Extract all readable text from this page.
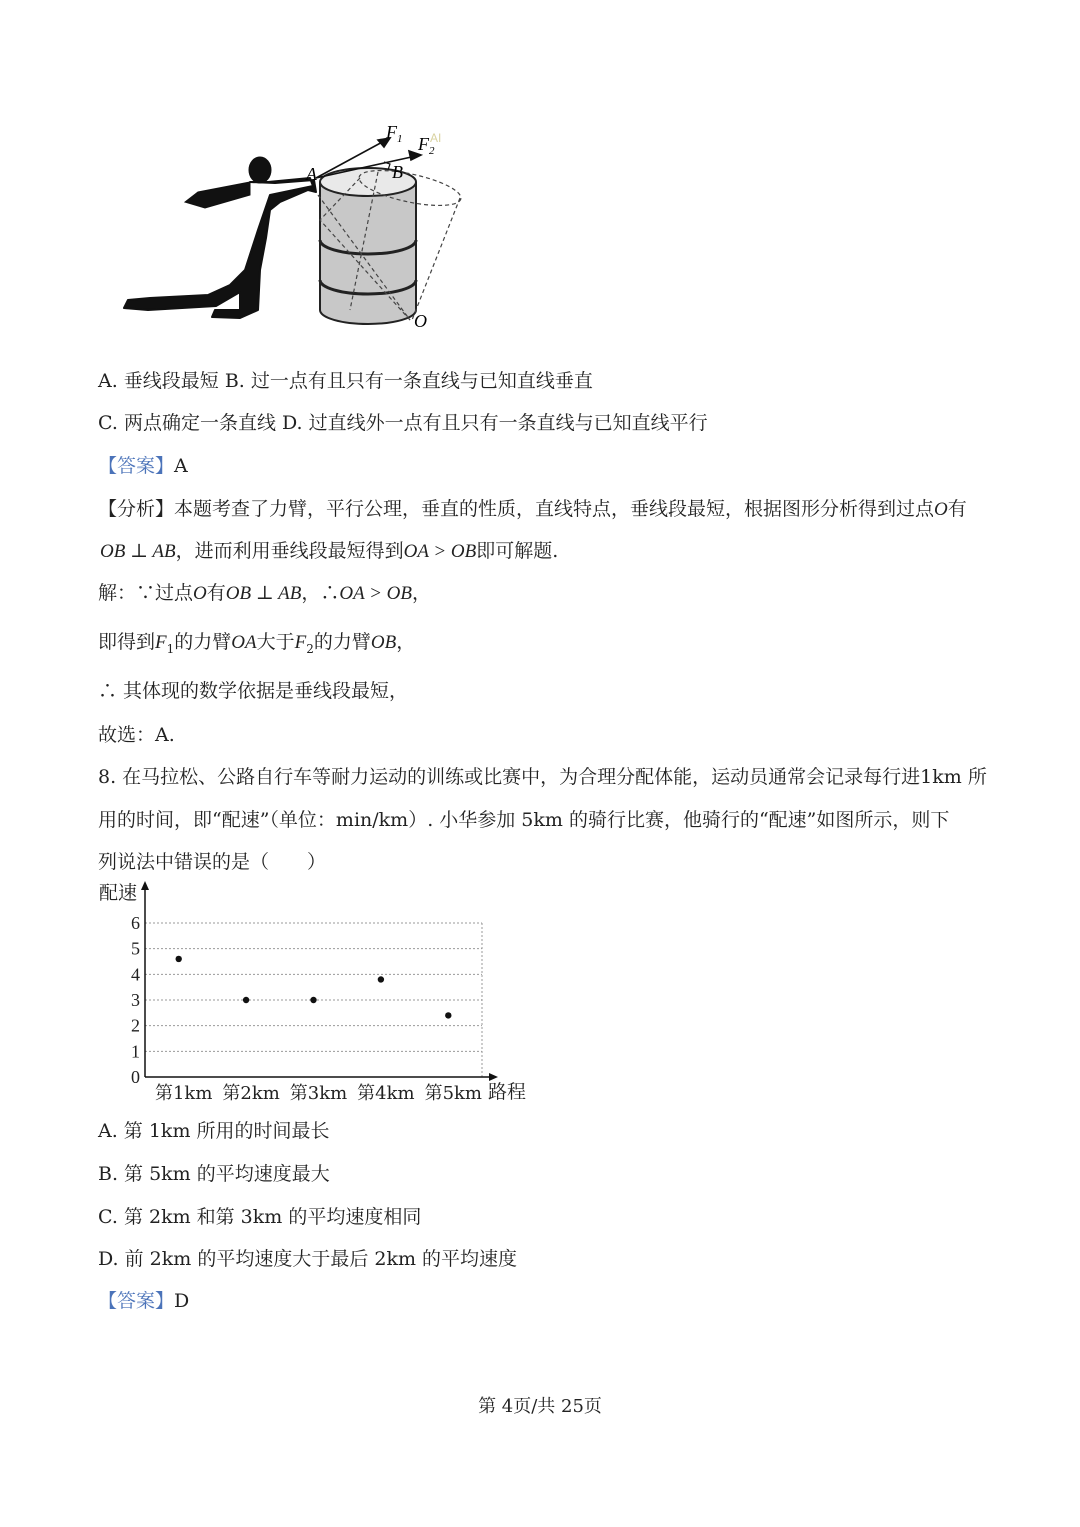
$F_1$ $F_2$
AI
A	B
O
A. 垂线段最短 B. 过一点有且只有一条直线与已知直线垂直
C. 两点确定一条直线 D. 过直线外一点有且只有一条直线与已知直线平行
【答案】A
【分析】本题考查了力臂，平行公理，垂直的性质，直线特点，垂线段最短，根据图形分析得到过点O有
OB ⊥ AB，进而利用垂线段最短得到OA > OB即可解题.
解：∵过点O有OB ⊥ AB，∴OA > OB，
即得到$F_1$的力臂OA大于$F_2$的力臂OB，
∴ 其体现的数学依据是垂线段最短，
故选：A.
8. 在马拉松、公路自行车等耐力运动的训练或比赛中，为合理分配体能，运动员通常会记录每行进1km 所
用的时间，即“配速”（单位：min/km）. 小华参加 5km 的骑行比赛，他骑行的“配速”如图所示，则下
列说法中错误的是（　　）
配速
0
1
2
3
4
5
6
第1km 第2km 第3km 第4km 第5km 路程
A. 第 1km 所用的时间最长
B. 第 5km 的平均速度最大
C. 第 2km 和第 3km 的平均速度相同
D. 前 2km 的平均速度大于最后 2km 的平均速度
【答案】D
第 4页/共 25页
